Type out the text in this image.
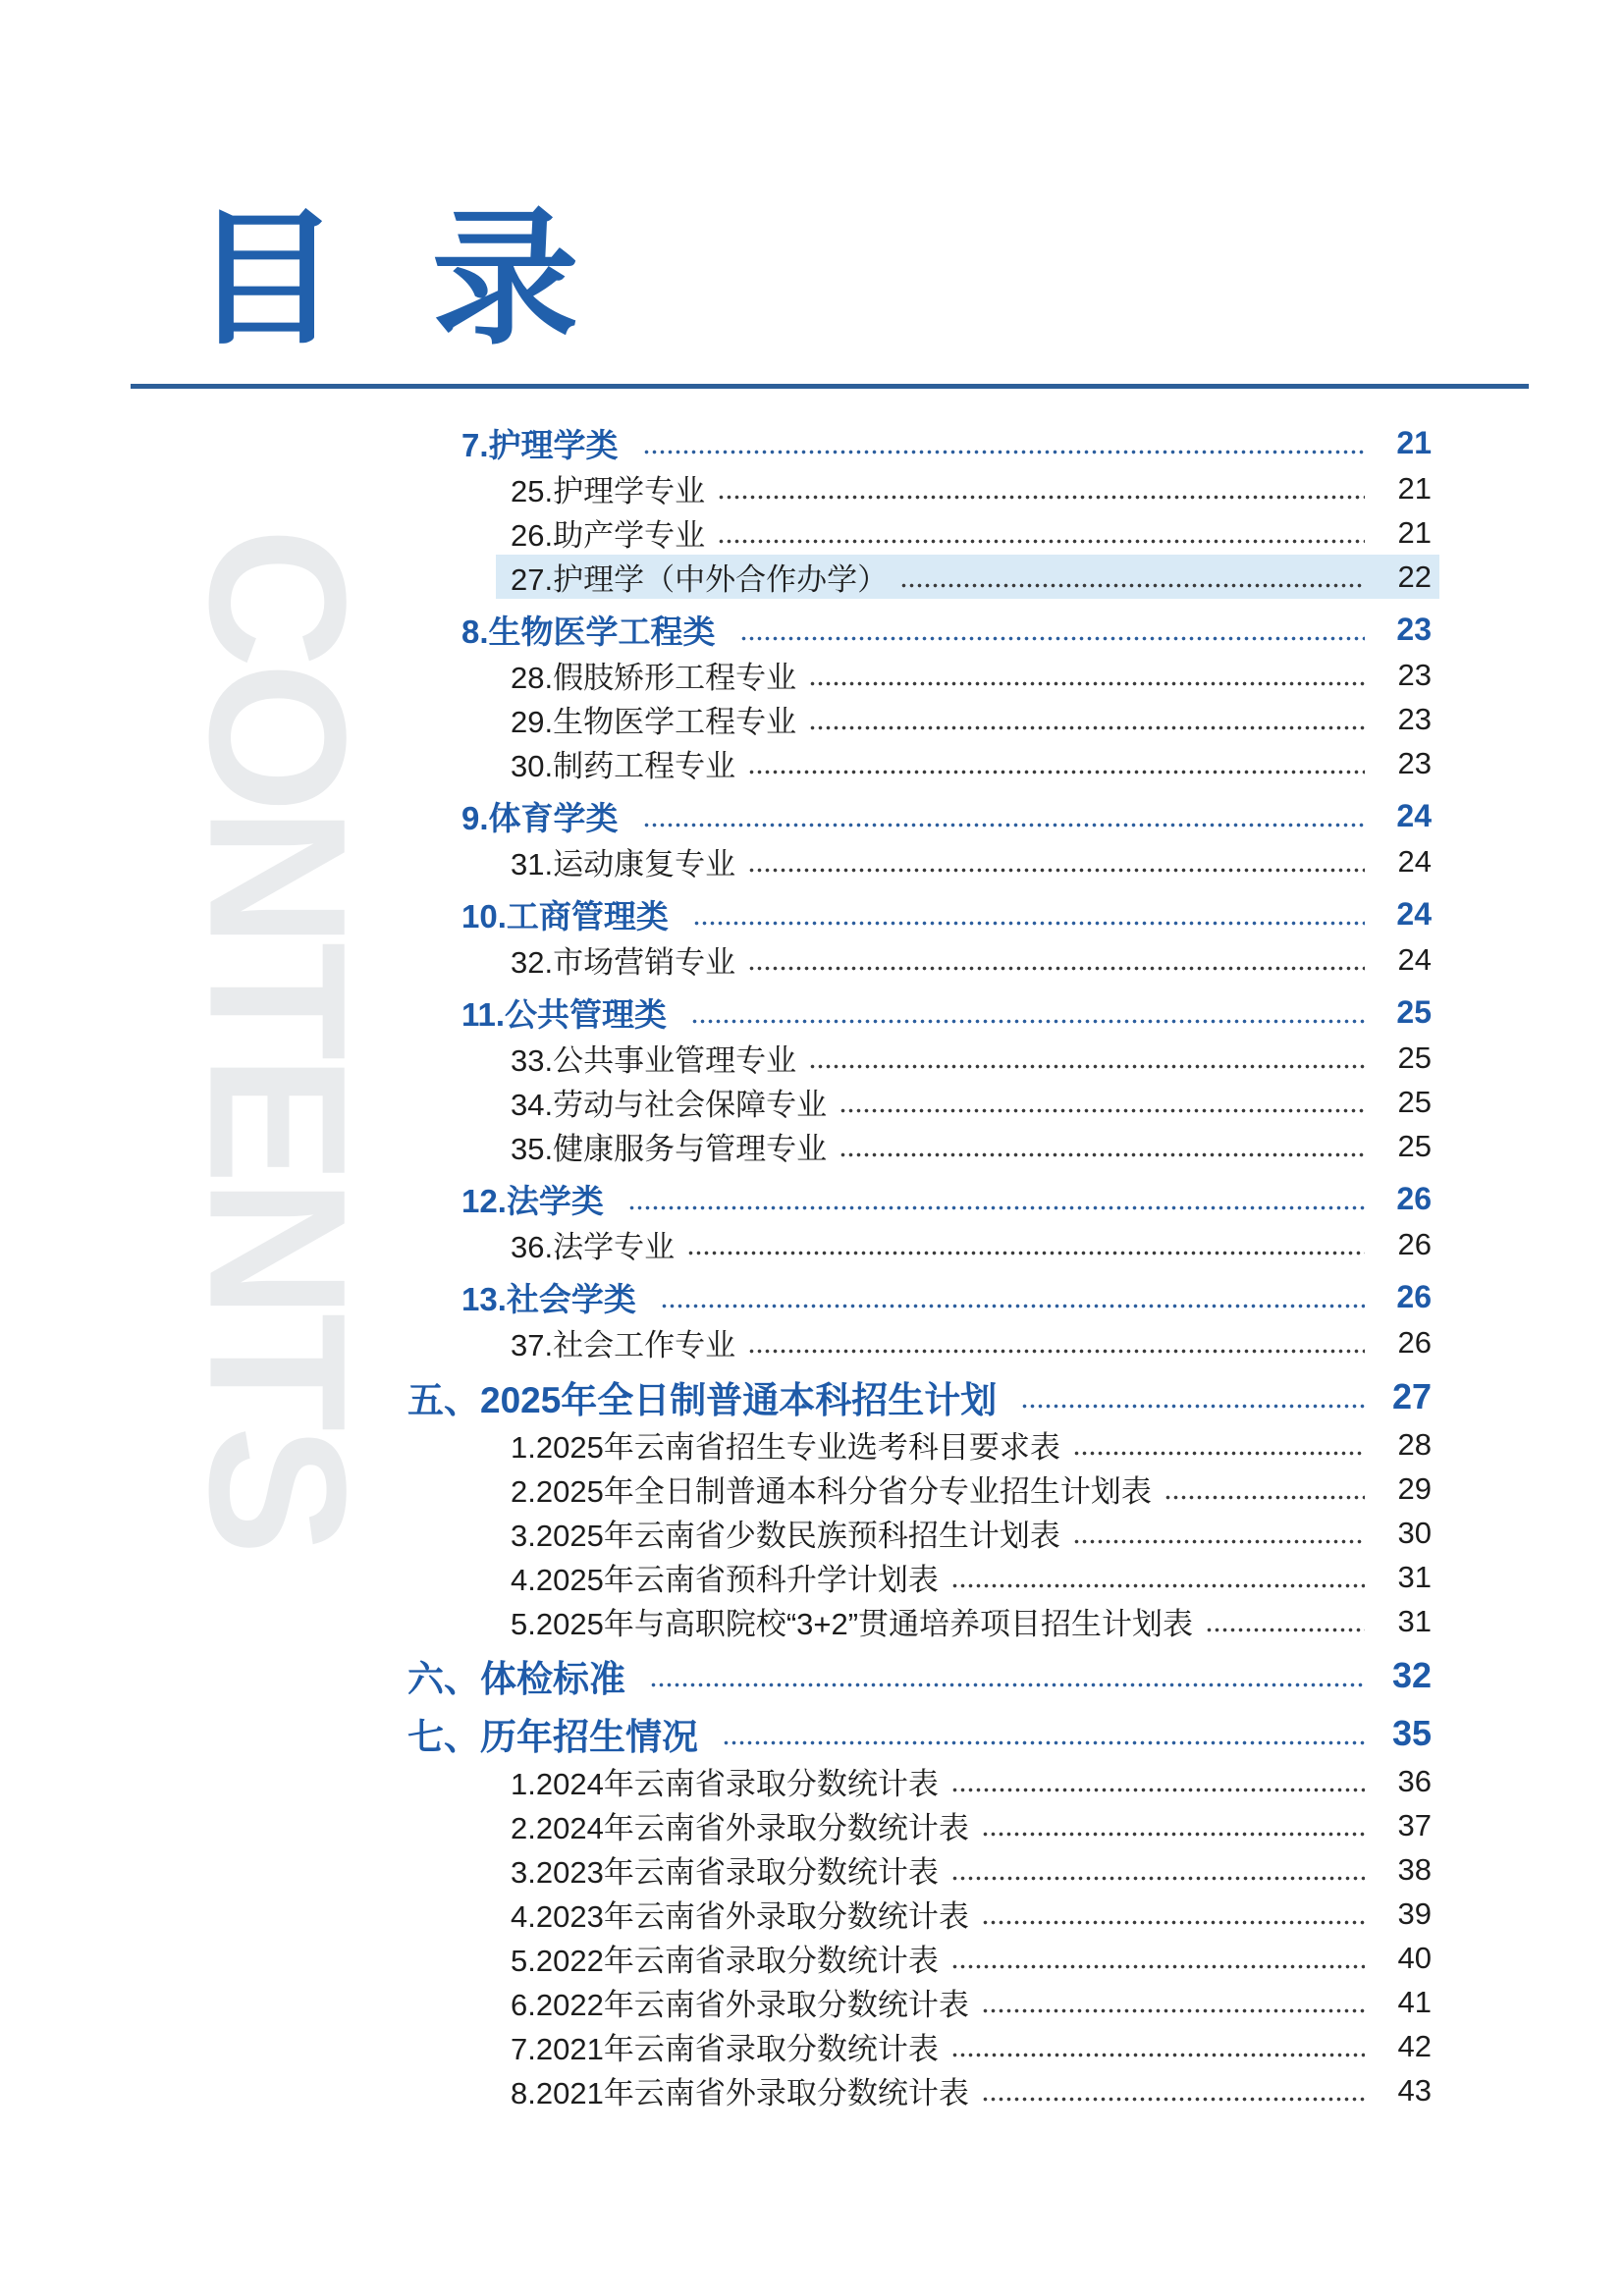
CONTENTS
目 录
7.护理学类	21
25.护理学专业	21
26.助产学专业	21
27.护理学（中外合作办学）	22
8.生物医学工程类	23
28.假肢矫形工程专业	23
29.生物医学工程专业	23
30.制药工程专业	23
9.体育学类	24
31.运动康复专业	24
10.工商管理类	24
32.市场营销专业	24
11.公共管理类	25
33.公共事业管理专业	25
34.劳动与社会保障专业	25
35.健康服务与管理专业	25
12.法学类	26
36.法学专业	26
13.社会学类	26
37.社会工作专业	26
五、2025年全日制普通本科招生计划	27
1.2025年云南省招生专业选考科目要求表	28
2.2025年全日制普通本科分省分专业招生计划表	29
3.2025年云南省少数民族预科招生计划表	30
4.2025年云南省预科升学计划表	31
5.2025年与高职院校“3+2”贯通培养项目招生计划表	31
六、体检标准	32
七、历年招生情况	35
1.2024年云南省录取分数统计表	36
2.2024年云南省外录取分数统计表	37
3.2023年云南省录取分数统计表	38
4.2023年云南省外录取分数统计表	39
5.2022年云南省录取分数统计表	40
6.2022年云南省外录取分数统计表	41
7.2021年云南省录取分数统计表	42
8.2021年云南省外录取分数统计表	43
